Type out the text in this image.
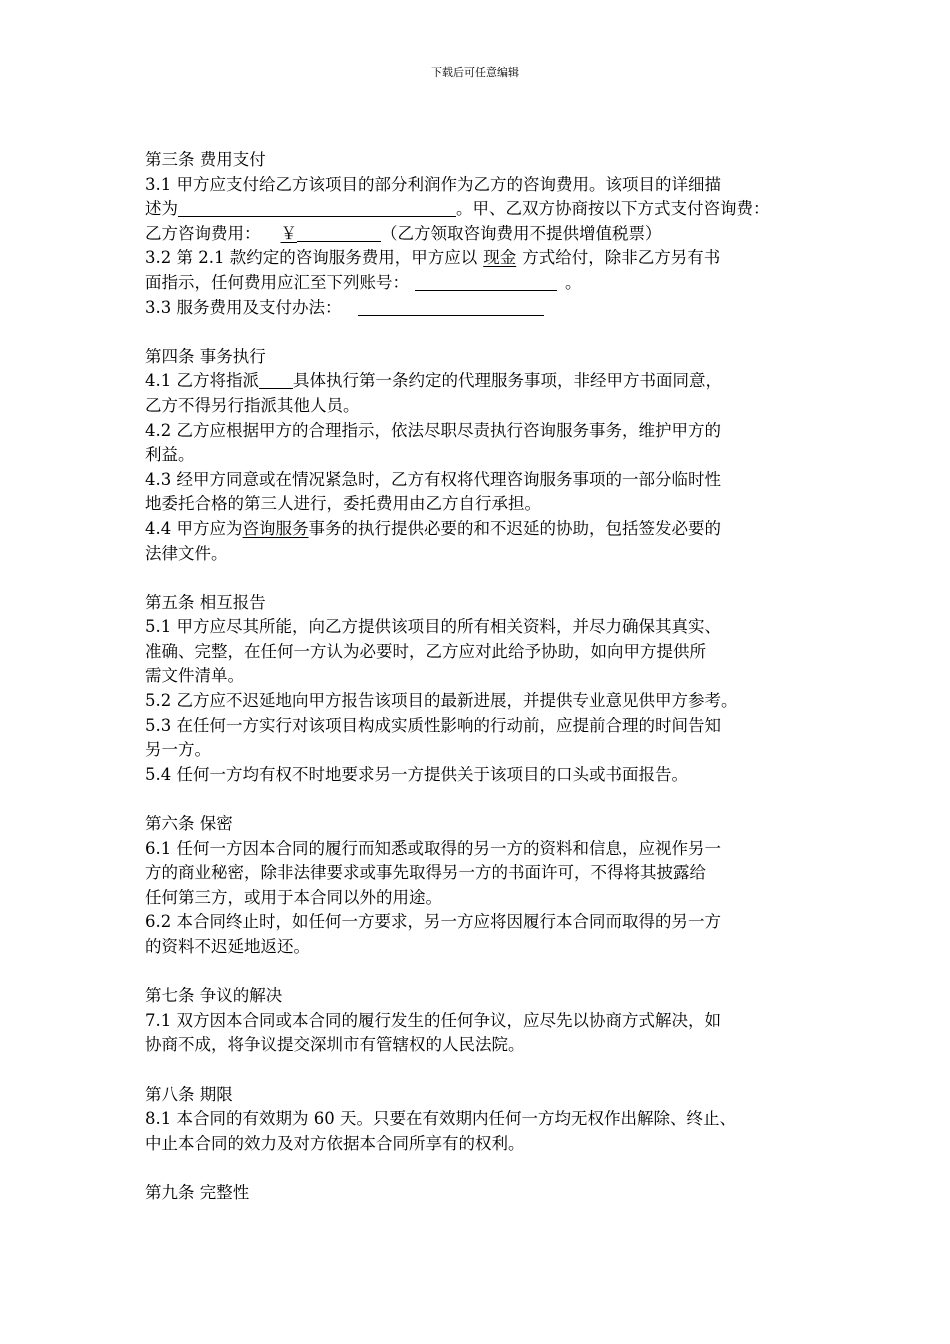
下载后可任意编辑
第三条 费用支付
3.1 甲方应支付给乙方该项目的部分利润作为乙方的咨询费用。该项目的详细描
述为	。甲、乙双方协商按以下方式支付咨询费：
乙方咨询费用： ￥	（乙方领取咨询费用不提供增值税票）
3.2 第 2.1 款约定的咨询服务费用，甲方应以 现金 方式给付，除非乙方另有书
面指示，任何费用应汇至下列账号：	。
3.3 服务费用及支付办法：
第四条 事务执行
4.1 乙方将指派 具体执行第一条约定的代理服务事项，非经甲方书面同意，
乙方不得另行指派其他人员。
4.2 乙方应根据甲方的合理指示，依法尽职尽责执行咨询服务事务，维护甲方的
利益。
4.3 经甲方同意或在情况紧急时，乙方有权将代理咨询服务事项的一部分临时性
地委托合格的第三人进行，委托费用由乙方自行承担。
4.4 甲方应为咨询服务事务的执行提供必要的和不迟延的协助，包括签发必要的
法律文件。
第五条 相互报告
5.1 甲方应尽其所能，向乙方提供该项目的所有相关资料，并尽力确保其真实、
准确、完整，在任何一方认为必要时，乙方应对此给予协助，如向甲方提供所
需文件清单。
5.2 乙方应不迟延地向甲方报告该项目的最新进展，并提供专业意见供甲方参考。
5.3 在任何一方实行对该项目构成实质性影响的行动前，应提前合理的时间告知
另一方。
5.4 任何一方均有权不时地要求另一方提供关于该项目的口头或书面报告。
第六条 保密
6.1 任何一方因本合同的履行而知悉或取得的另一方的资料和信息，应视作另一
方的商业秘密，除非法律要求或事先取得另一方的书面许可，不得将其披露给
任何第三方，或用于本合同以外的用途。
6.2 本合同终止时，如任何一方要求，另一方应将因履行本合同而取得的另一方
的资料不迟延地返还。
第七条 争议的解决
7.1 双方因本合同或本合同的履行发生的任何争议，应尽先以协商方式解决，如
协商不成，将争议提交深圳市有管辖权的人民法院。
第八条 期限
8.1 本合同的有效期为 60 天。只要在有效期内任何一方均无权作出解除、终止、
中止本合同的效力及对方依据本合同所享有的权利。
第九条 完整性
